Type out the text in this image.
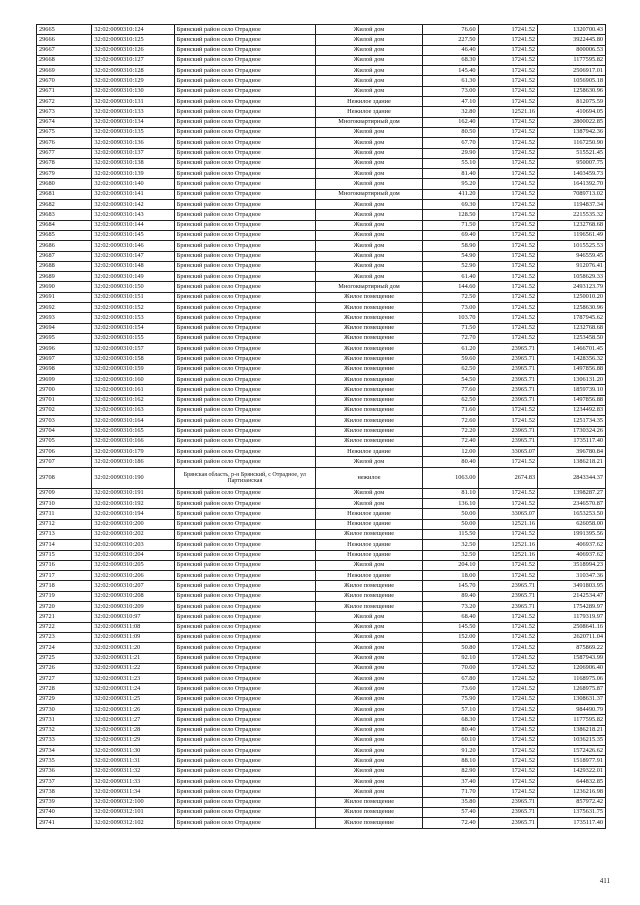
29665	32:02:0090310:124	Брянский район село Отрадное	Жилой дом	76.60	17241.52	1320700.43
29666	32:02:0090310:125	Брянский район село Отрадное	Жилой дом	227.50	17241.52	3922445.80
29667	32:02:0090310:126	Брянский район село Отрадное	Жилой дом	46.40	17241.52	800006.53
29668	32:02:0090310:127	Брянский район село Отрадное	Жилой дом	68.30	17241.52	1177595.82
29669	32:02:0090310:128	Брянский район село Отрадное	Жилой дом	145.40	17241.52	2506917.01
29670	32:02:0090310:129	Брянский район село Отрадное	Жилой дом	61.30	17241.52	1056905.18
29671	32:02:0090310:130	Брянский район село Отрадное	Жилой дом	73.00	17241.52	1258630.96
29672	32:02:0090310:131	Брянский район село Отрадное	Нежилое здание	47.10	17241.52	812075.59
29673	32:02:0090310:133	Брянский район село Отрадное	Нежилое здание	32.80	12521.16	410694.05
29674	32:02:0090310:134	Брянский район село Отрадное	Многоквартирный дом	162.40	17241.52	2800022.85
29675	32:02:0090310:135	Брянский район село Отрадное	Жилой дом	80.50	17241.52	1387942.36
29676	32:02:0090310:136	Брянский район село Отрадное	Жилой дом	67.70	17241.52	1167250.90
29677	32:02:0090310:137	Брянский район село Отрадное	Жилой дом	29.90	17241.52	515521.45
29678	32:02:0090310:138	Брянский район село Отрадное	Жилой дом	55.10	17241.52	950007.75
29679	32:02:0090310:139	Брянский район село Отрадное	Жилой дом	81.40	17241.52	1403459.73
29680	32:02:0090310:140	Брянский район село Отрадное	Жилой дом	95.20	17241.52	1641392.70
29681	32:02:0090310:141	Брянский район село Отрадное	Многоквартирный дом	411.20	17241.52	7089713.02
29682	32:02:0090310:142	Брянский район село Отрадное	Жилой дом	69.30	17241.52	1194837.34
29683	32:02:0090310:143	Брянский район село Отрадное	Жилой дом	128.50	17241.52	2215535.32
29684	32:02:0090310:144	Брянский район село Отрадное	Жилой дом	71.50	17241.52	1232768.68
29685	32:02:0090310:145	Брянский район село Отрадное	Жилой дом	69.40	17241.52	1196561.49
29686	32:02:0090310:146	Брянский район село Отрадное	Жилой дом	58.90	17241.52	1015525.53
29687	32:02:0090310:147	Брянский район село Отрадное	Жилой дом	54.90	17241.52	946559.45
29688	32:02:0090310:148	Брянский район село Отрадное	Жилой дом	52.90	17241.52	912076.41
29689	32:02:0090310:149	Брянский район село Отрадное	Жилой дом	61.40	17241.52	1058629.33
29690	32:02:0090310:150	Брянский район село Отрадное	Многоквартирный дом	144.60	17241.52	2493123.79
29691	32:02:0090310:151	Брянский район село Отрадное	Жилое помещение	72.50	17241.52	1250010.20
29692	32:02:0090310:152	Брянский район село Отрадное	Жилое помещение	73.00	17241.52	1258630.96
29693	32:02:0090310:153	Брянский район село Отрадное	Жилое помещение	103.70	17241.52	1787945.62
29694	32:02:0090310:154	Брянский район село Отрадное	Жилое помещение	71.50	17241.52	1232768.68
29695	32:02:0090310:155	Брянский район село Отрадное	Жилое помещение	72.70	17241.52	1253458.50
29696	32:02:0090310:157	Брянский район село Отрадное	Жилое помещение	61.20	23965.71	1466701.45
29697	32:02:0090310:158	Брянский район село Отрадное	Жилое помещение	59.60	23965.71	1428356.32
29698	32:02:0090310:159	Брянский район село Отрадное	Жилое помещение	62.50	23965.71	1497856.88
29699	32:02:0090310:160	Брянский район село Отрадное	Жилое помещение	54.50	23965.71	1306131.20
29700	32:02:0090310:161	Брянский район село Отрадное	Жилое помещение	77.60	23965.71	1859739.10
29701	32:02:0090310:162	Брянский район село Отрадное	Жилое помещение	62.50	23965.71	1497856.88
29702	32:02:0090310:163	Брянский район село Отрадное	Жилое помещение	71.60	17241.52	1234492.83
29703	32:02:0090310:164	Брянский район село Отрадное	Жилое помещение	72.60	17241.52	1251734.35
29704	32:02:0090310:165	Брянский район село Отрадное	Жилое помещение	72.20	23965.71	1730324.26
29705	32:02:0090310:166	Брянский район село Отрадное	Жилое помещение	72.40	23965.71	1735117.40
29706	32:02:0090310:179	Брянский район село Отрадное	Нежилое здание	12.00	33065.07	396780.84
29707	32:02:0090310:186	Брянский район село Отрадное	Жилой дом	80.40	17241.52	1386218.21
29708	32:02:0090310:190	Брянская область, р-н Брянский, с Отрадное, ул Партизанская	нежилое	1063.00	2674.83	2843344.37
29709	32:02:0090310:191	Брянский район село Отрадное	Жилой дом	81.10	17241.52	1398287.27
29710	32:02:0090310:192	Брянский район село Отрадное	Жилой дом	136.10	17241.52	2346570.87
29711	32:02:0090310:194	Брянский район село Отрадное	Нежилое здание	50.00	33065.07	1653253.50
29712	32:02:0090310:200	Брянский район село Отрадное	Нежилое здание	50.00	12521.16	626058.00
29713	32:02:0090310:202	Брянский район село Отрадное	Жилое помещение	115.50	17241.52	1991395.56
29714	32:02:0090310:203	Брянский район село Отрадное	Нежилое здание	32.50	12521.16	406937.62
29715	32:02:0090310:204	Брянский район село Отрадное	Нежилое здание	32.50	12521.16	406937.62
29716	32:02:0090310:205	Брянский район село Отрадное	Жилой дом	204.10	17241.52	3518994.23
29717	32:02:0090310:206	Брянский район село Отрадное	Нежилое здание	18.00	17241.52	310347.36
29718	32:02:0090310:207	Брянский район село Отрадное	Жилое помещение	145.70	23965.71	3491803.95
29719	32:02:0090310:208	Брянский район село Отрадное	Жилое помещение	89.40	23965.71	2142534.47
29720	32:02:0090310:209	Брянский район село Отрадное	Жилое помещение	73.20	23965.71	1754289.97
29721	32:02:0090310:97	Брянский район село Отрадное	Жилой дом	68.40	17241.52	1179319.97
29722	32:02:0090311:08	Брянский район село Отрадное	Жилой дом	145.50	17241.52	2508641.16
29723	32:02:0090311:09	Брянский район село Отрадное	Жилой дом	152.00	17241.52	2620711.04
29724	32:02:0090311:20	Брянский район село Отрадное	Жилой дом	50.80	17241.52	875869.22
29725	32:02:0090311:21	Брянский район село Отрадное	Жилой дом	92.10	17241.52	1587943.99
29726	32:02:0090311:22	Брянский район село Отрадное	Жилой дом	70.00	17241.52	1206906.40
29727	32:02:0090311:23	Брянский район село Отрадное	Жилой дом	67.80	17241.52	1168975.06
29728	32:02:0090311:24	Брянский район село Отрадное	Жилой дом	73.60	17241.52	1268975.87
29729	32:02:0090311:25	Брянский район село Отрадное	Жилой дом	75.90	17241.52	1308631.37
29730	32:02:0090311:26	Брянский район село Отрадное	Жилой дом	57.10	17241.52	984490.79
29731	32:02:0090311:27	Брянский район село Отрадное	Жилой дом	68.30	17241.52	1177595.82
29732	32:02:0090311:28	Брянский район село Отрадное	Жилой дом	80.40	17241.52	1386218.21
29733	32:02:0090311:29	Брянский район село Отрадное	Жилой дом	60.10	17241.52	1036215.35
29734	32:02:0090311:30	Брянский район село Отрадное	Жилой дом	91.20	17241.52	1572426.62
29735	32:02:0090311:31	Брянский район село Отрадное	Жилой дом	88.10	17241.52	1518977.91
29736	32:02:0090311:32	Брянский район село Отрадное	Жилой дом	82.90	17241.52	1429322.01
29737	32:02:0090311:33	Брянский район село Отрадное	Жилой дом	37.40	17241.52	644832.85
29738	32:02:0090311:34	Брянский район село Отрадное	Жилой дом	71.70	17241.52	1236216.98
29739	32:02:0090312:100	Брянский район село Отрадное	Жилое помещение	35.80	23965.71	857972.42
29740	32:02:0090312:101	Брянский район село Отрадное	Жилое помещение	57.40	23965.71	1375631.75
29741	32:02:0090312:102	Брянский район село Отрадное	Жилое помещение	72.40	23965.71	1735117.40
411
